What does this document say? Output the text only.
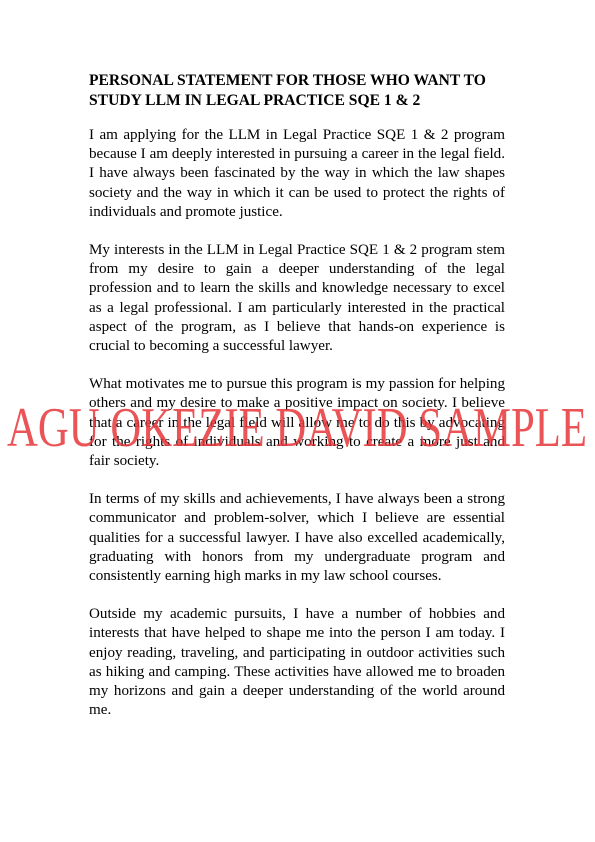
PERSONAL STATEMENT FOR THOSE WHO WANT TO STUDY LLM IN LEGAL PRACTICE SQE 1 & 2

I am applying for the LLM in Legal Practice SQE 1 & 2 program because I am deeply interested in pursuing a career in the legal field. I have always been fascinated by the way in which the law shapes society and the way in which it can be used to protect the rights of individuals and promote justice.

My interests in the LLM in Legal Practice SQE 1 & 2 program stem from my desire to gain a deeper understanding of the legal profession and to learn the skills and knowledge necessary to excel as a legal professional. I am particularly interested in the practical aspect of the program, as I believe that hands-on experience is crucial to becoming a successful lawyer.

What motivates me to pursue this program is my passion for helping others and my desire to make a positive impact on society. I believe that a career in the legal field will allow me to do this by advocating for the rights of individuals and working to create a more just and fair society.

In terms of my skills and achievements, I have always been a strong communicator and problem-solver, which I believe are essential qualities for a successful lawyer. I have also excelled academically, graduating with honors from my undergraduate program and consistently earning high marks in my law school courses.

Outside my academic pursuits, I have a number of hobbies and interests that have helped to shape me into the person I am today. I enjoy reading, traveling, and participating in outdoor activities such as hiking and camping. These activities have allowed me to broaden my horizons and gain a deeper understanding of the world around me.

AGU OKEZIE DAVID SAMPLE
